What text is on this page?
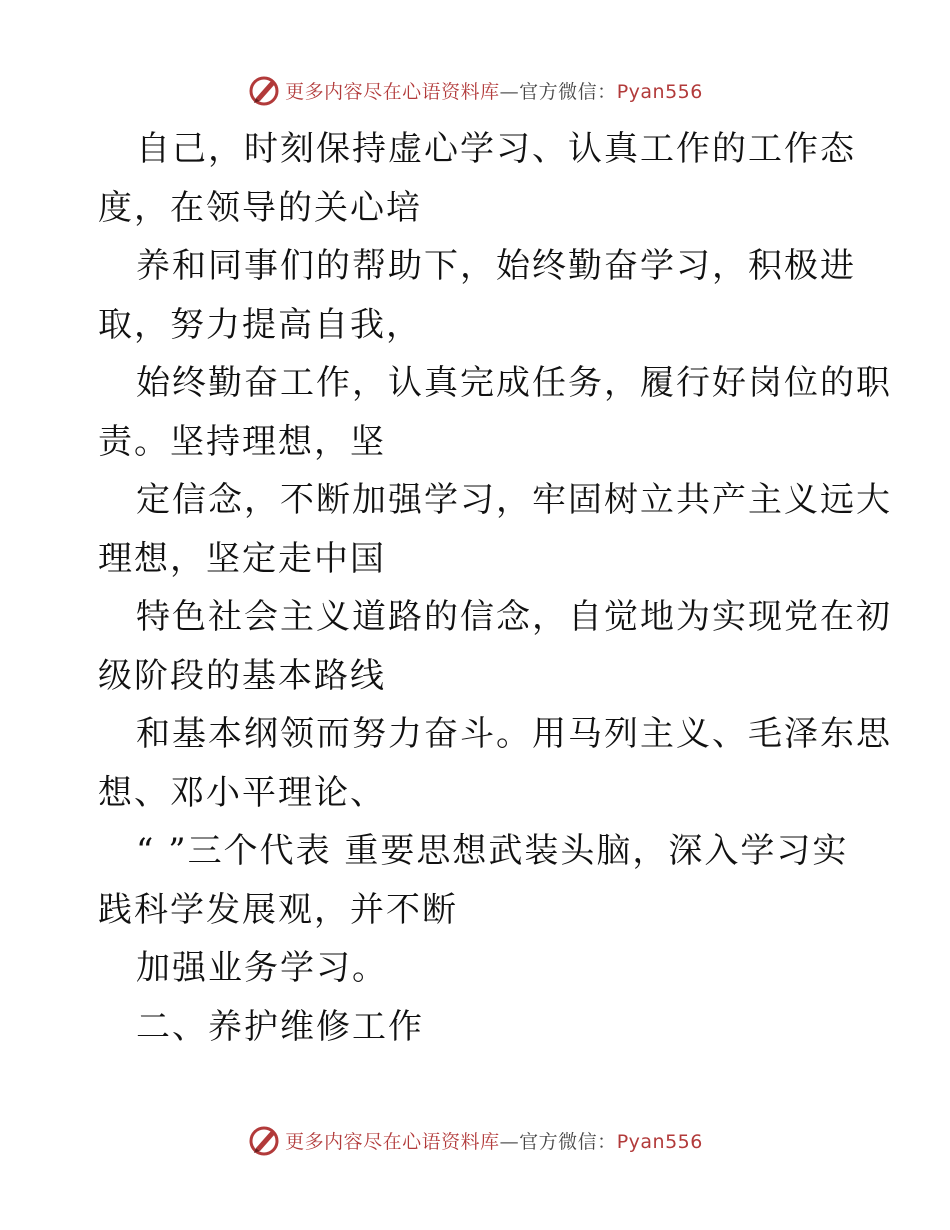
更多内容尽在心语资料库—官方微信：Pyan556
自己，时刻保持虚心学习、认真工作的工作态
度，在领导的关心培
养和同事们的帮助下，始终勤奋学习，积极进
取，努力提高自我，
始终勤奋工作，认真完成任务，履行好岗位的职
责。坚持理想，坚
定信念，不断加强学习，牢固树立共产主义远大
理想，坚定走中国
特色社会主义道路的信念，自觉地为实现党在初
级阶段的基本路线
和基本纲领而努力奋斗。用马列主义、毛泽东思
想、邓小平理论、
“ ”三个代表 重要思想武装头脑，深入学习实
践科学发展观，并不断
加强业务学习。
二、养护维修工作
更多内容尽在心语资料库—官方微信：Pyan556
